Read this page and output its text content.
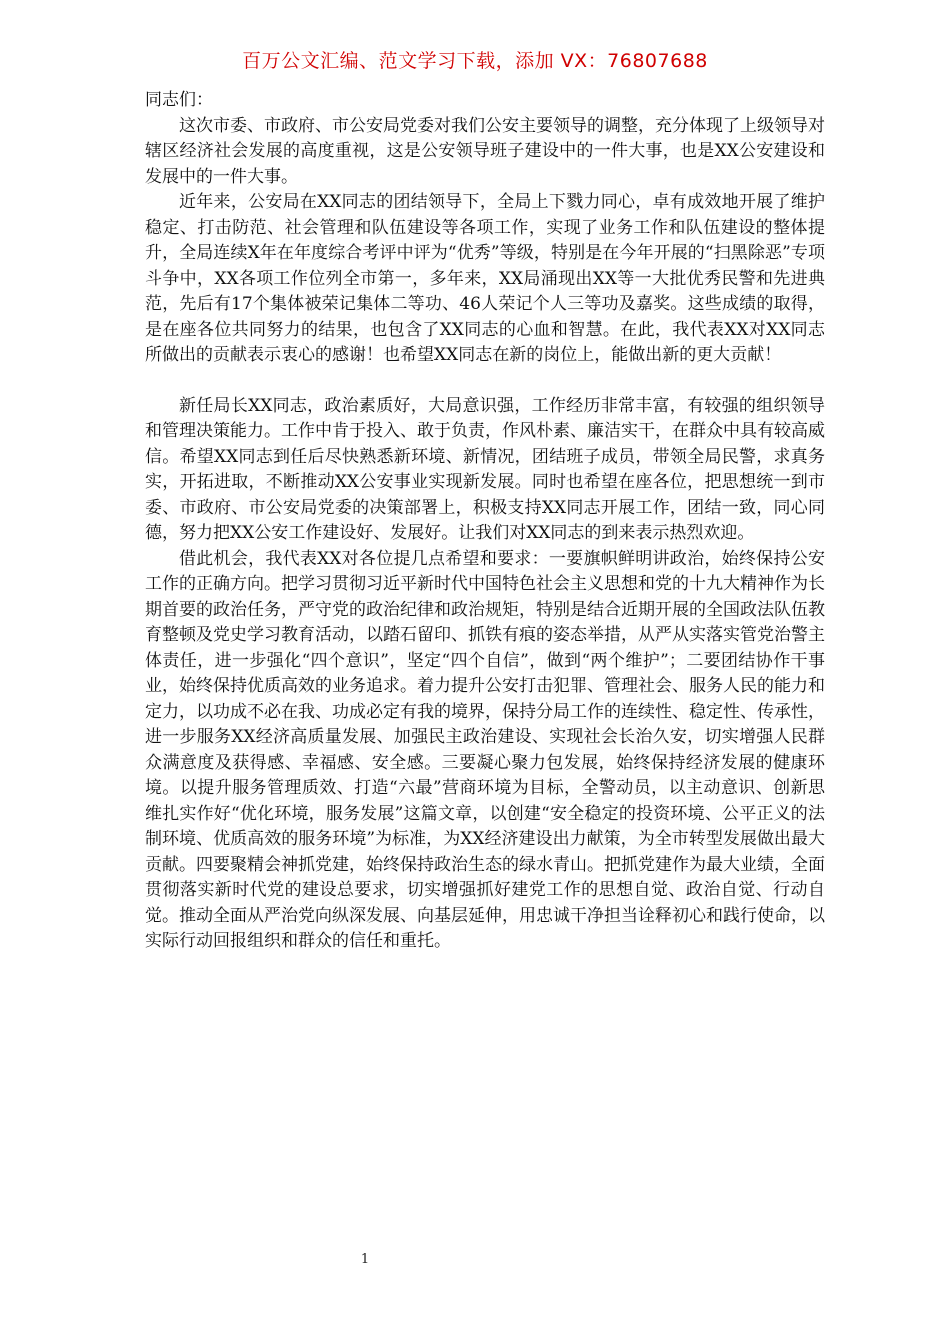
百万公文汇编、范文学习下载，添加 VX：76807688

同志们：

这次市委、市政府、市公安局党委对我们公安主要领导的调整，充分体现了上级领导对辖区经济社会发展的高度重视，这是公安领导班子建设中的一件大事，也是XX公安建设和发展中的一件大事。

近年来，公安局在XX同志的团结领导下，全局上下戮力同心，卓有成效地开展了维护稳定、打击防范、社会管理和队伍建设等各项工作，实现了业务工作和队伍建设的整体提升，全局连续X年在年度综合考评中评为“优秀”等级，特别是在今年开展的“扫黑除恶”专项斗争中，XX各项工作位列全市第一，多年来，XX局涌现出XX等一大批优秀民警和先进典范，先后有17个集体被荣记集体二等功、46人荣记个人三等功及嘉奖。这些成绩的取得，是在座各位共同努力的结果，也包含了XX同志的心血和智慧。在此，我代表XX对XX同志所做出的贡献表示衷心的感谢！也希望XX同志在新的岗位上，能做出新的更大贡献！

新任局长XX同志，政治素质好，大局意识强，工作经历非常丰富，有较强的组织领导和管理决策能力。工作中肯于投入、敢于负责，作风朴素、廉洁实干，在群众中具有较高威信。希望XX同志到任后尽快熟悉新环境、新情况，团结班子成员，带领全局民警，求真务实，开拓进取，不断推动XX公安事业实现新发展。同时也希望在座各位，把思想统一到市委、市政府、市公安局党委的决策部署上，积极支持XX同志开展工作，团结一致，同心同德，努力把XX公安工作建设好、发展好。让我们对XX同志的到来表示热烈欢迎。

借此机会，我代表XX对各位提几点希望和要求：一要旗帜鲜明讲政治，始终保持公安工作的正确方向。把学习贯彻习近平新时代中国特色社会主义思想和党的十九大精神作为长期首要的政治任务，严守党的政治纪律和政治规矩，特别是结合近期开展的全国政法队伍教育整顿及党史学习教育活动，以踏石留印、抓铁有痕的姿态举措，从严从实落实管党治警主体责任，进一步强化“四个意识”，坚定“四个自信”，做到“两个维护”；二要团结协作干事业，始终保持优质高效的业务追求。着力提升公安打击犯罪、管理社会、服务人民的能力和定力，以功成不必在我、功成必定有我的境界，保持分局工作的连续性、稳定性、传承性，进一步服务XX经济高质量发展、加强民主政治建设、实现社会长治久安，切实增强人民群众满意度及获得感、幸福感、安全感。三要凝心聚力包发展，始终保持经济发展的健康环境。以提升服务管理质效、打造“六最”营商环境为目标，全警动员，以主动意识、创新思维扎实作好“优化环境，服务发展”这篇文章，以创建“安全稳定的投资环境、公平正义的法制环境、优质高效的服务环境”为标准，为XX经济建设出力献策，为全市转型发展做出最大贡献。四要聚精会神抓党建，始终保持政治生态的绿水青山。把抓党建作为最大业绩，全面贯彻落实新时代党的建设总要求，切实增强抓好建党工作的思想自觉、政治自觉、行动自觉。推动全面从严治党向纵深发展、向基层延伸，用忠诚干净担当诠释初心和践行使命，以实际行动回报组织和群众的信任和重托。

1
